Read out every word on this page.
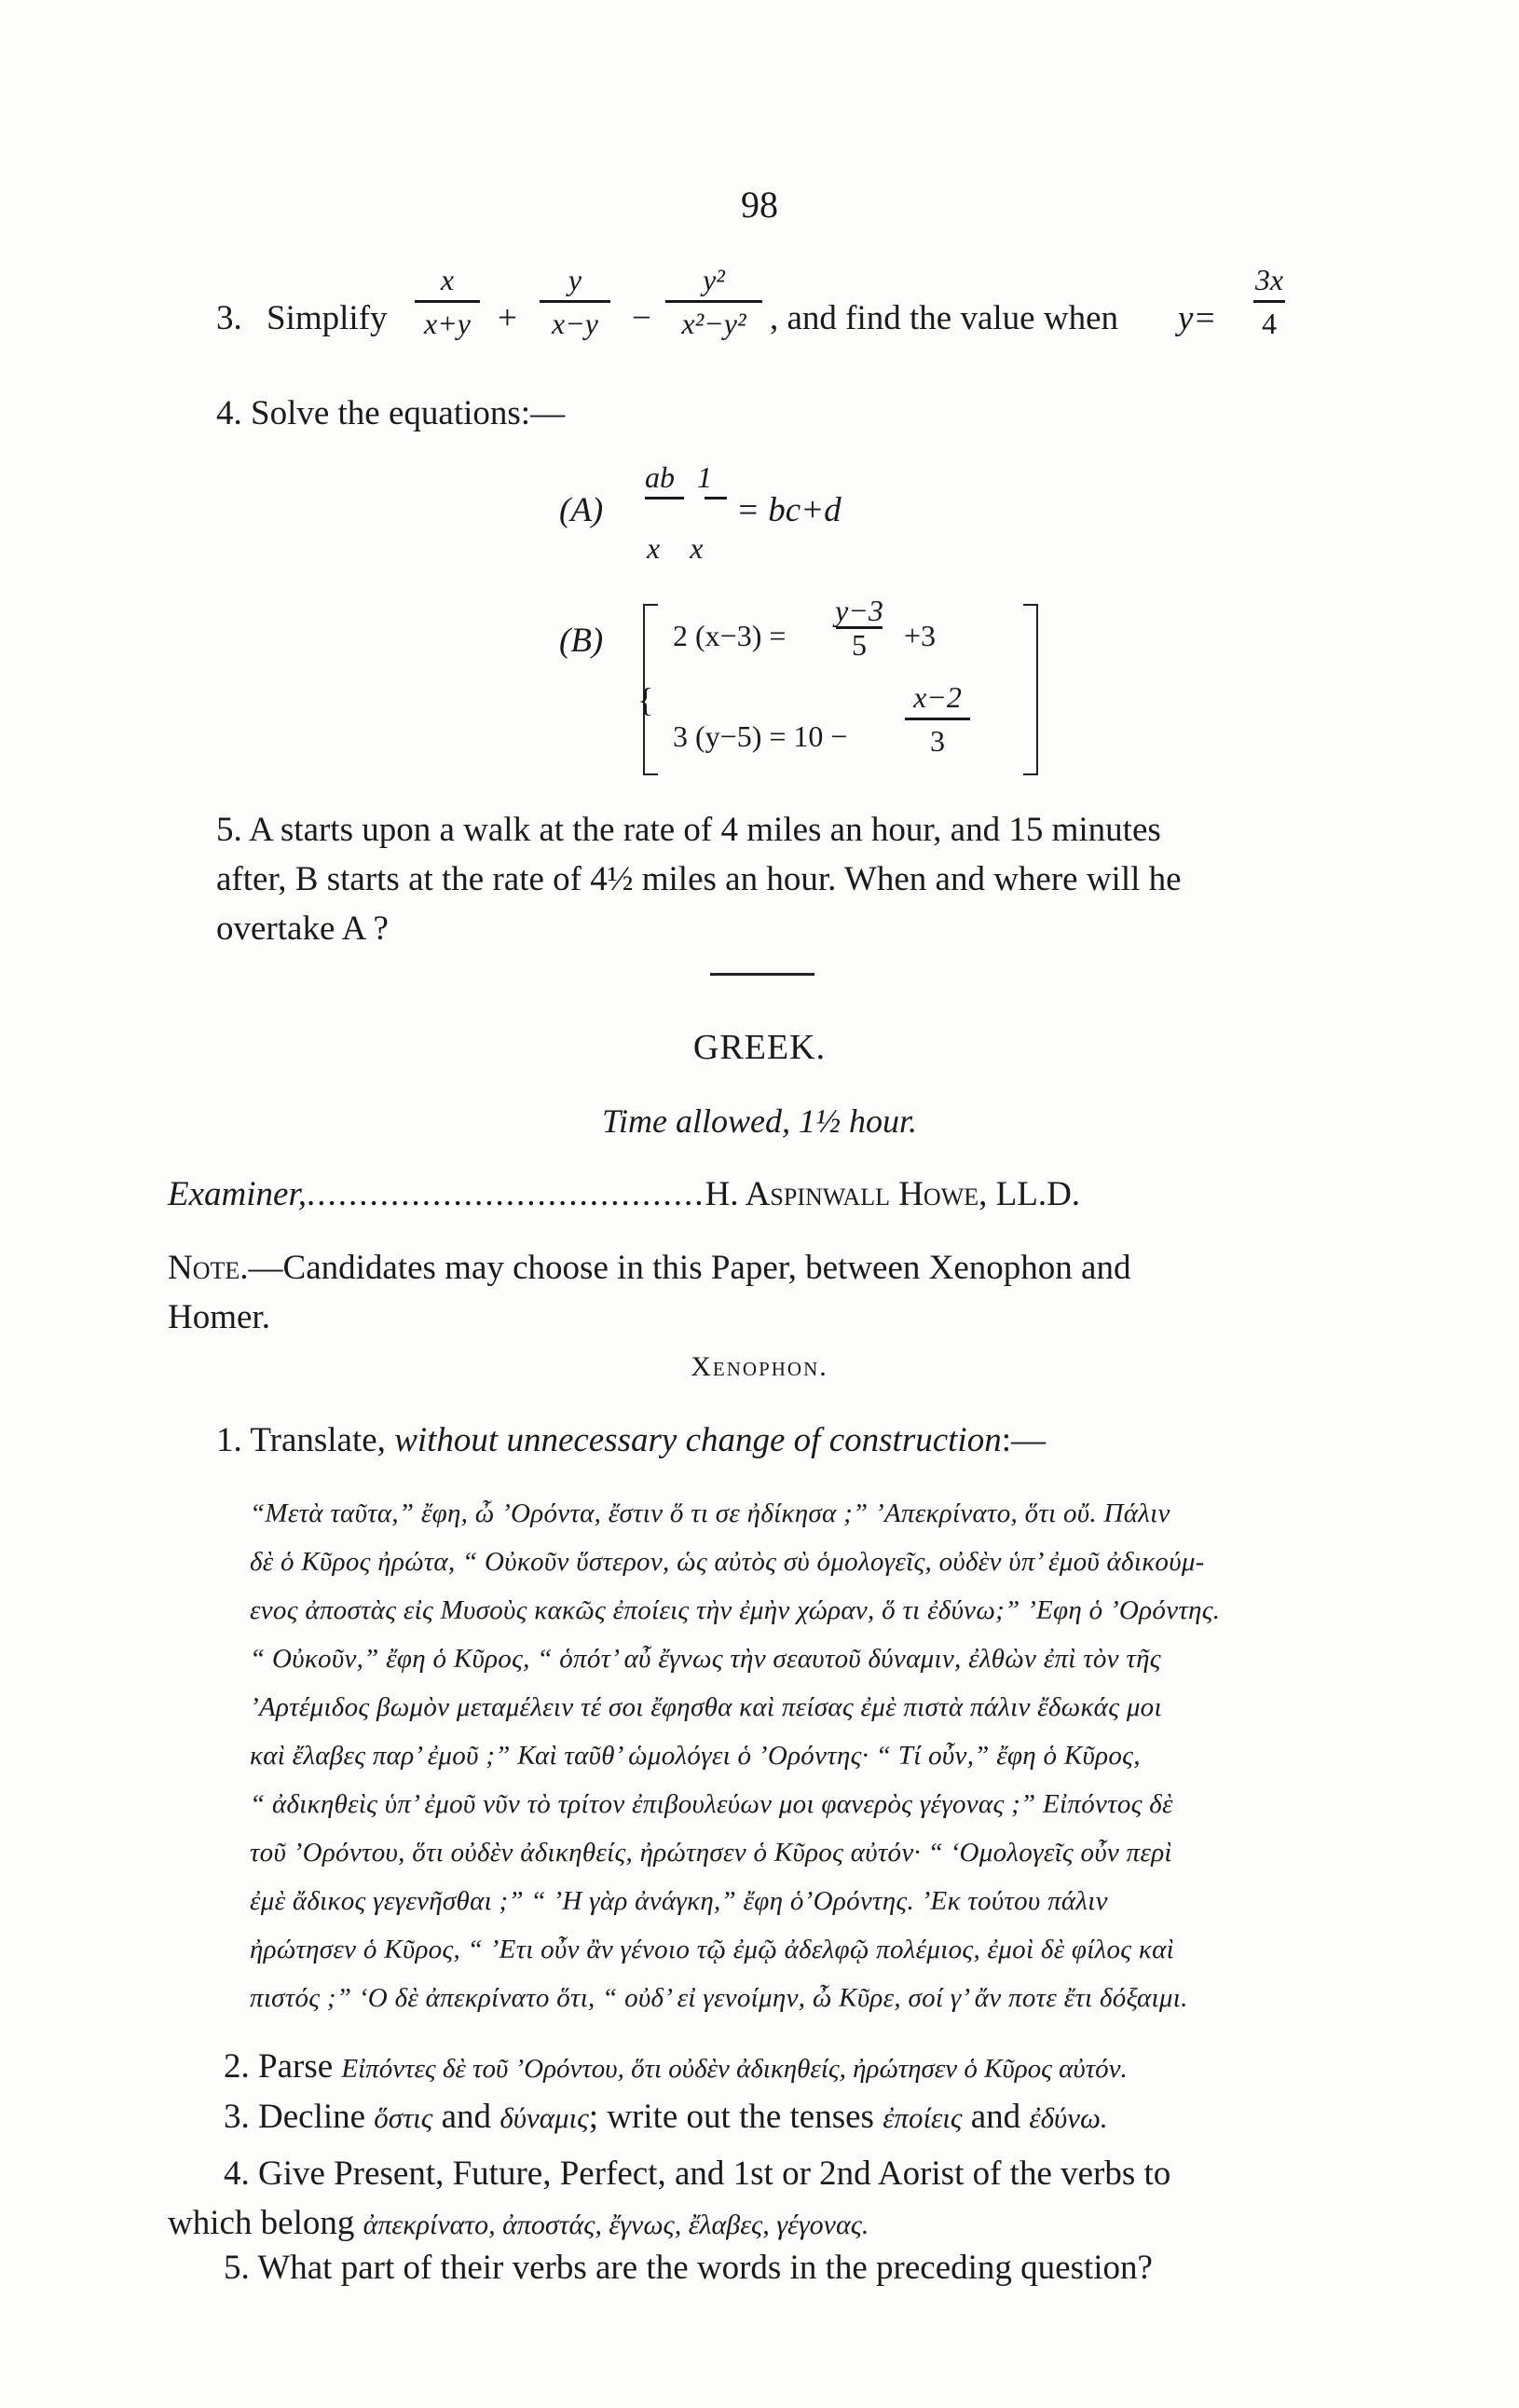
98
3. Simplify
x
x+y +
y
x−y −
y²
x²−y² , and find the value when y=
3x
4
4. Solve the equations:—
(A)
ab   1
x    x
= bc+d
(B)
{
2 (x−3) =
y−3
5 +3
3 (y−5) = 10 −
x−2
3
5. A starts upon a walk at the rate of 4 miles an hour, and 15 minutes
after, B starts at the rate of 4½ miles an hour. When and where will he
overtake A ?
GREEK.
Time allowed, 1½ hour.
Examiner,......................................H. Aspinwall Howe, LL.D.
Note.—Candidates may choose in this Paper, between Xenophon and
Homer.
Xenophon.
1. Translate, without unnecessary change of construction:—
“Μετὰ ταῦτα,” ἔφη, ὦ ’Ορόντα, ἔστιν ὅ τι σε ἠδίκησα ;” ’Απεκρίνατο, ὅτι οὔ. Πάλιν
δὲ ὁ Κῦρος ἠρώτα, “ Οὐκοῦν ὕστερον, ὡς αὐτὸς σὺ ὁμολογεῖς, οὐδὲν ὑπ’ ἐμοῦ ἀδικούμ-
ενος ἀποστὰς εἰς Μυσοὺς κακῶς ἐποίεις τὴν ἐμὴν χώραν, ὅ τι ἐδύνω;” ’Εφη ὁ ’Ορόντης.
“ Οὐκοῦν,” ἔφη ὁ Κῦρος, “ ὁπότ’ αὖ ἔγνως τὴν σεαυτοῦ δύναμιν, ἐλθὼν ἐπὶ τὸν τῆς
’Αρτέμιδος βωμὸν μεταμέλειν τέ σοι ἔφησθα καὶ πείσας ἐμὲ πιστὰ πάλιν ἔδωκάς μοι
καὶ ἔλαβες παρ’ ἐμοῦ ;” Καὶ ταῦθ’ ὡμολόγει ὁ ’Ορόντης· “ Τί οὖν,” ἔφη ὁ Κῦρος,
“ ἀδικηθεὶς ὑπ’ ἐμοῦ νῦν τὸ τρίτον ἐπιβουλεύων μοι φανερὸς γέγονας ;” Εἰπόντος δὲ
τοῦ ’Ορόντου, ὅτι οὐδὲν ἀδικηθείς, ἠρώτησεν ὁ Κῦρος αὐτόν· “ ‘Ομολογεῖς οὖν περὶ
ἐμὲ ἄδικος γεγενῆσθαι ;” “ ’Η γὰρ ἀνάγκη,” ἔφη ὁ’Ορόντης. ’Εκ τούτου πάλιν
ἠρώτησεν ὁ Κῦρος, “ ’Ετι οὖν ἂν γένοιο τῷ ἐμῷ ἀδελφῷ πολέμιος, ἐμοὶ δὲ φίλος καὶ
πιστός ;” ‘Ο δὲ ἀπεκρίνατο ὅτι, “ οὐδ’ εἰ γενοίμην, ὦ Κῦρε, σοί γ’ ἄν ποτε ἔτι δόξαιμι.
2. Parse Εἰπόντες δὲ τοῦ ’Ορόντου, ὅτι οὐδὲν ἀδικηθείς, ἠρώτησεν ὁ Κῦρος αὐτόν.
3. Decline ὅστις and δύναμις; write out the tenses ἐποίεις and ἐδύνω.
4. Give Present, Future, Perfect, and 1st or 2nd Aorist of the verbs to
which belong ἀπεκρίνατο, ἀποστάς, ἔγνως, ἔλαβες, γέγονας.
5. What part of their verbs are the words in the preceding question?
